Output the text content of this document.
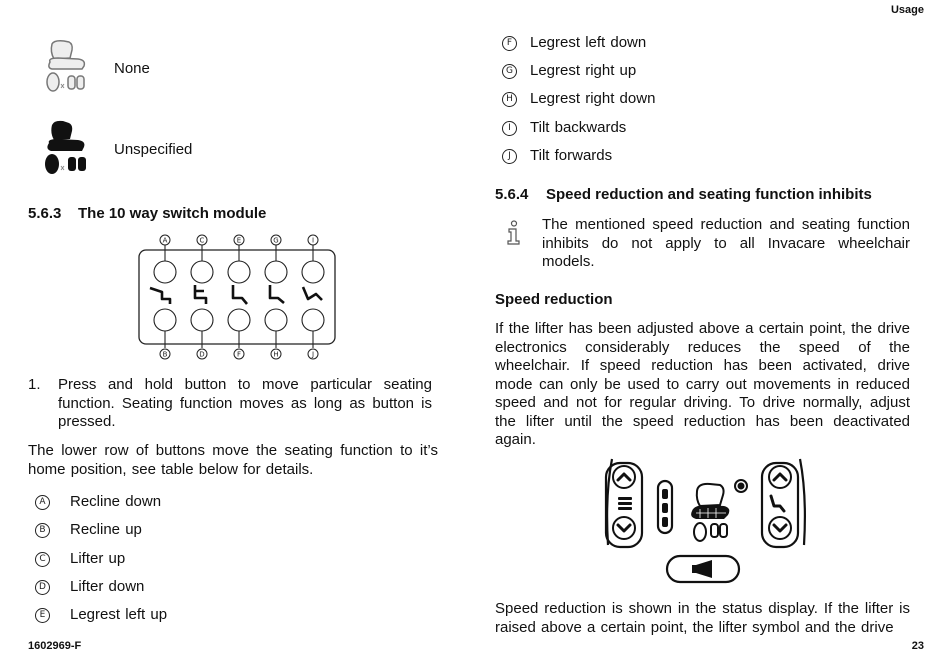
Usage
1602969-F	23
None
Unspecified
5.6.3 The 10 way switch module
A	C	E	G	I
B	D	F	H	J
1. Press and hold button to move particular seating function. Seating function moves as long as button is pressed.
The lower row of buttons move the seating function to it’s home position, see table below for details.
A Recline down
B Recline up
C Lifter up
D Lifter down
E	Legrest left up
F	Legrest left down
G Legrest right up
H Legrest right down
I	Tilt backwards
J	Tilt forwards
5.6.4 Speed reduction and seating function inhibits
The mentioned speed reduction and seating function inhibits do not apply to all Invacare wheelchair models.
Speed reduction
If the lifter has been adjusted above a certain point, the drive electronics considerably reduces the speed of the wheelchair. If speed reduction has been activated, drive mode can only be used to carry out movements in reduced speed and not for regular driving. To drive normally, adjust the lifter until the speed reduction has been deactivated again.
Speed reduction is shown in the status display. If the lifter is raised above a certain point, the lifter symbol and the drive
